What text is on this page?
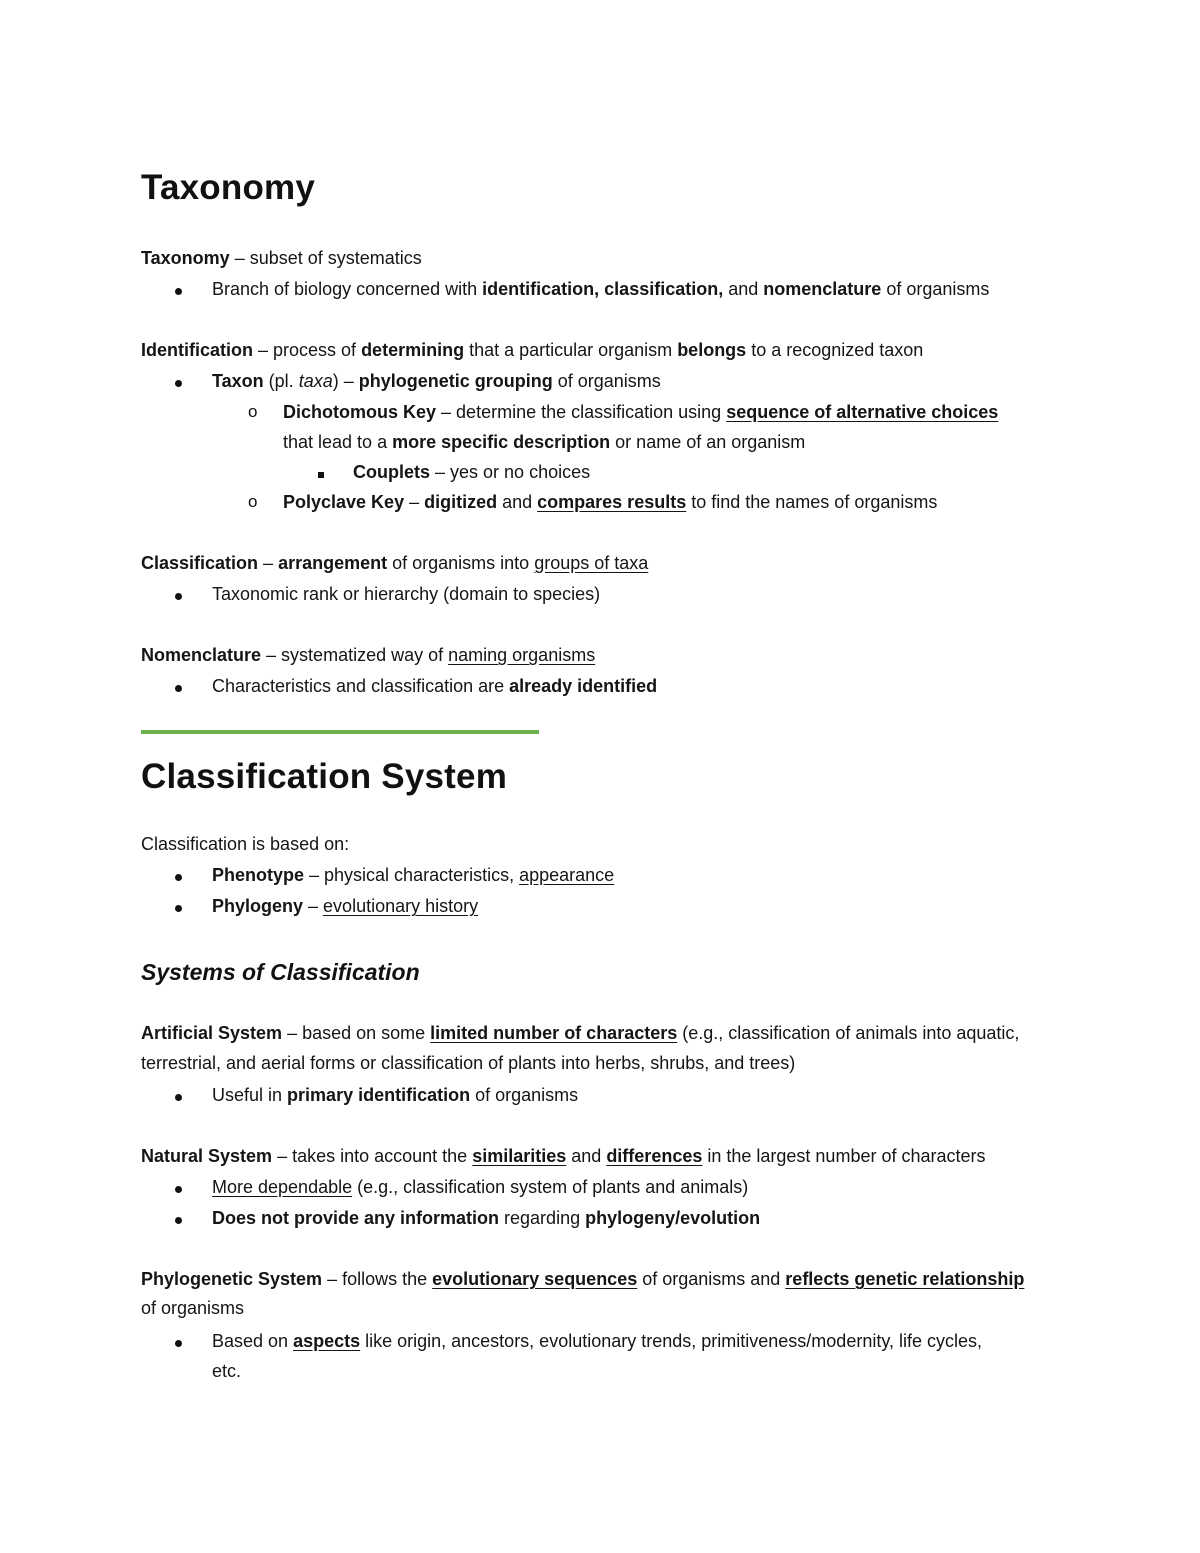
Taxonomy
Taxonomy – subset of systematics
Branch of biology concerned with identification, classification, and nomenclature of organisms
Identification – process of determining that a particular organism belongs to a recognized taxon
Taxon (pl. taxa) – phylogenetic grouping of organisms
o Dichotomous Key – determine the classification using sequence of alternative choices
that lead to a more specific description or name of an organism
Couplets – yes or no choices
o Polyclave Key – digitized and compares results to find the names of organisms
Classification – arrangement of organisms into groups of taxa
Taxonomic rank or hierarchy (domain to species)
Nomenclature – systematized way of naming organisms
Characteristics and classification are already identified
Classification System
Classification is based on:
Phenotype – physical characteristics, appearance
Phylogeny – evolutionary history
Systems of Classification
Artificial System – based on some limited number of characters (e.g., classification of animals into aquatic,
terrestrial, and aerial forms or classification of plants into herbs, shrubs, and trees)
Useful in primary identification of organisms
Natural System – takes into account the similarities and differences in the largest number of characters
More dependable (e.g., classification system of plants and animals)
Does not provide any information regarding phylogeny/evolution
Phylogenetic System – follows the evolutionary sequences of organisms and reflects genetic relationship
of organisms
Based on aspects like origin, ancestors, evolutionary trends, primitiveness/modernity, life cycles,
etc.
